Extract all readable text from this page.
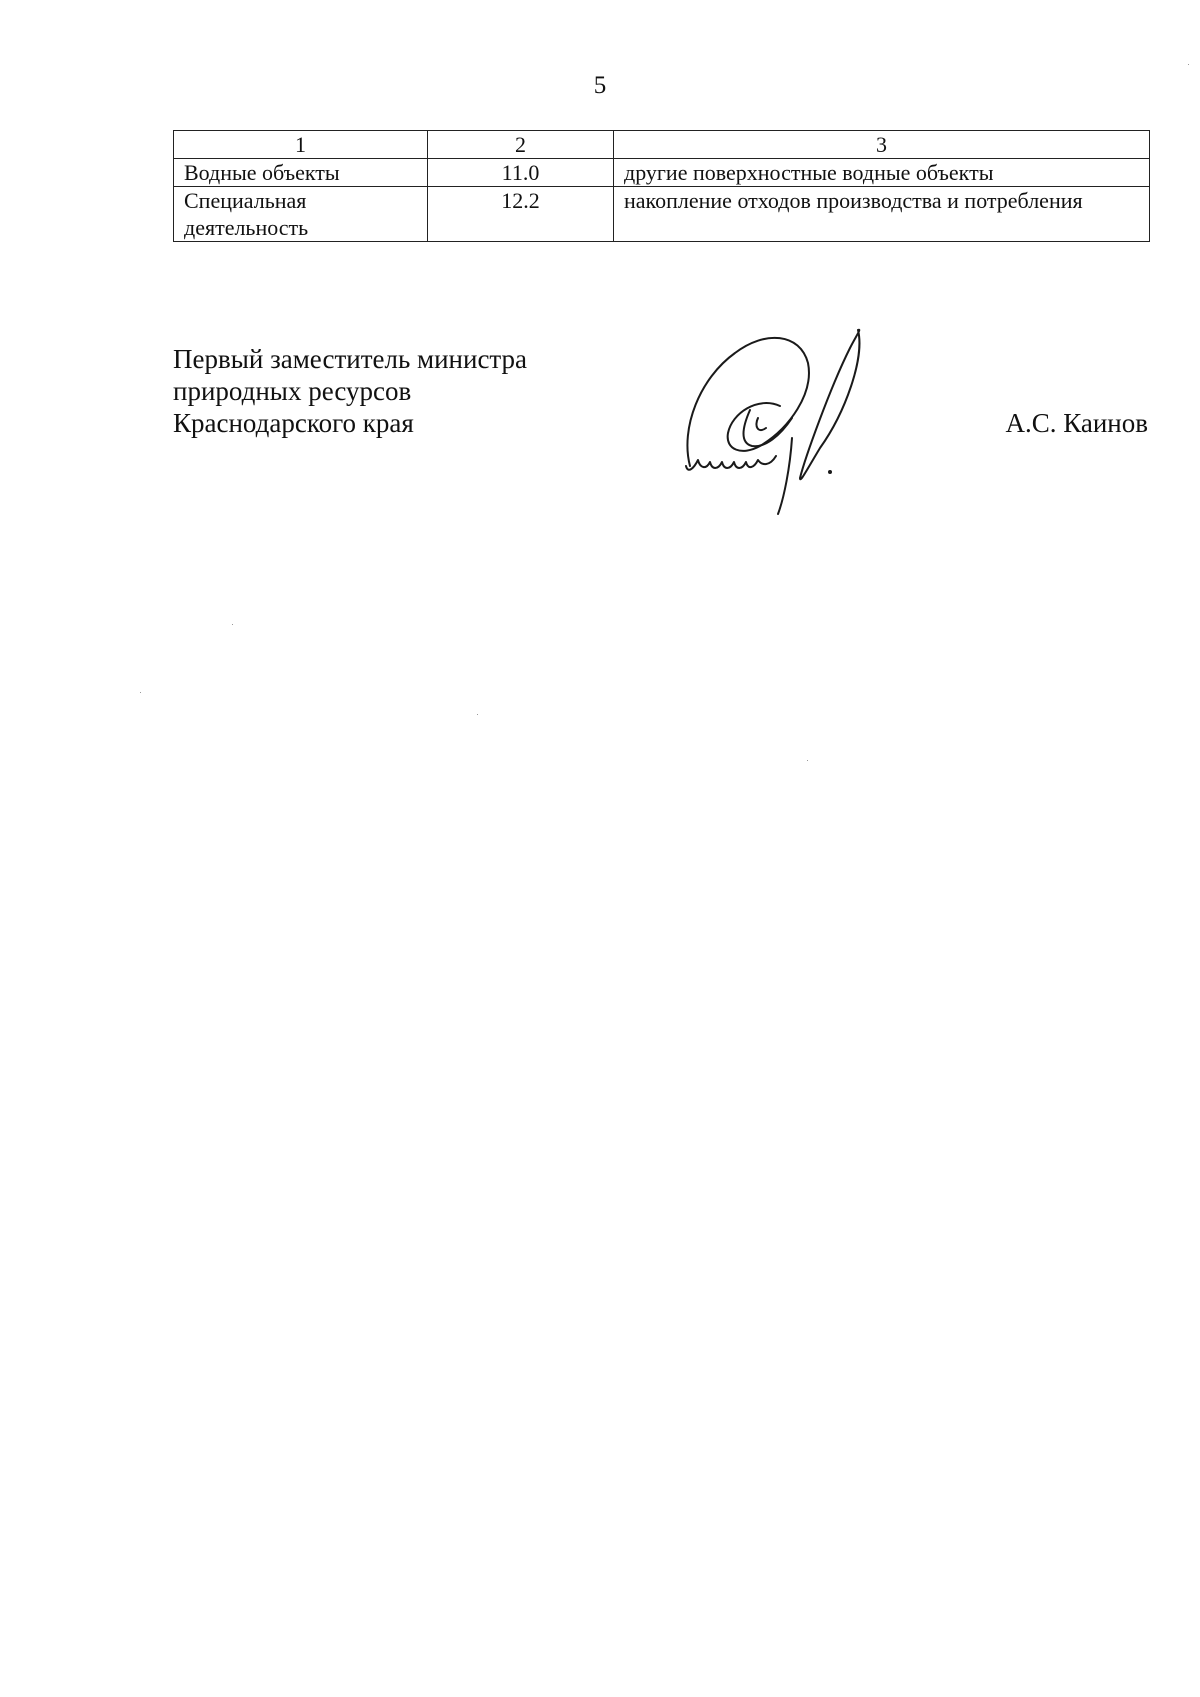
5
1	2	3
Водные объекты	11.0	другие поверхностные водные объекты
Специальная деятельность	12.2	накопление отходов производства и потребления
Первый заместитель министра
природных ресурсов
Краснодарского края	А.С. Каинов
